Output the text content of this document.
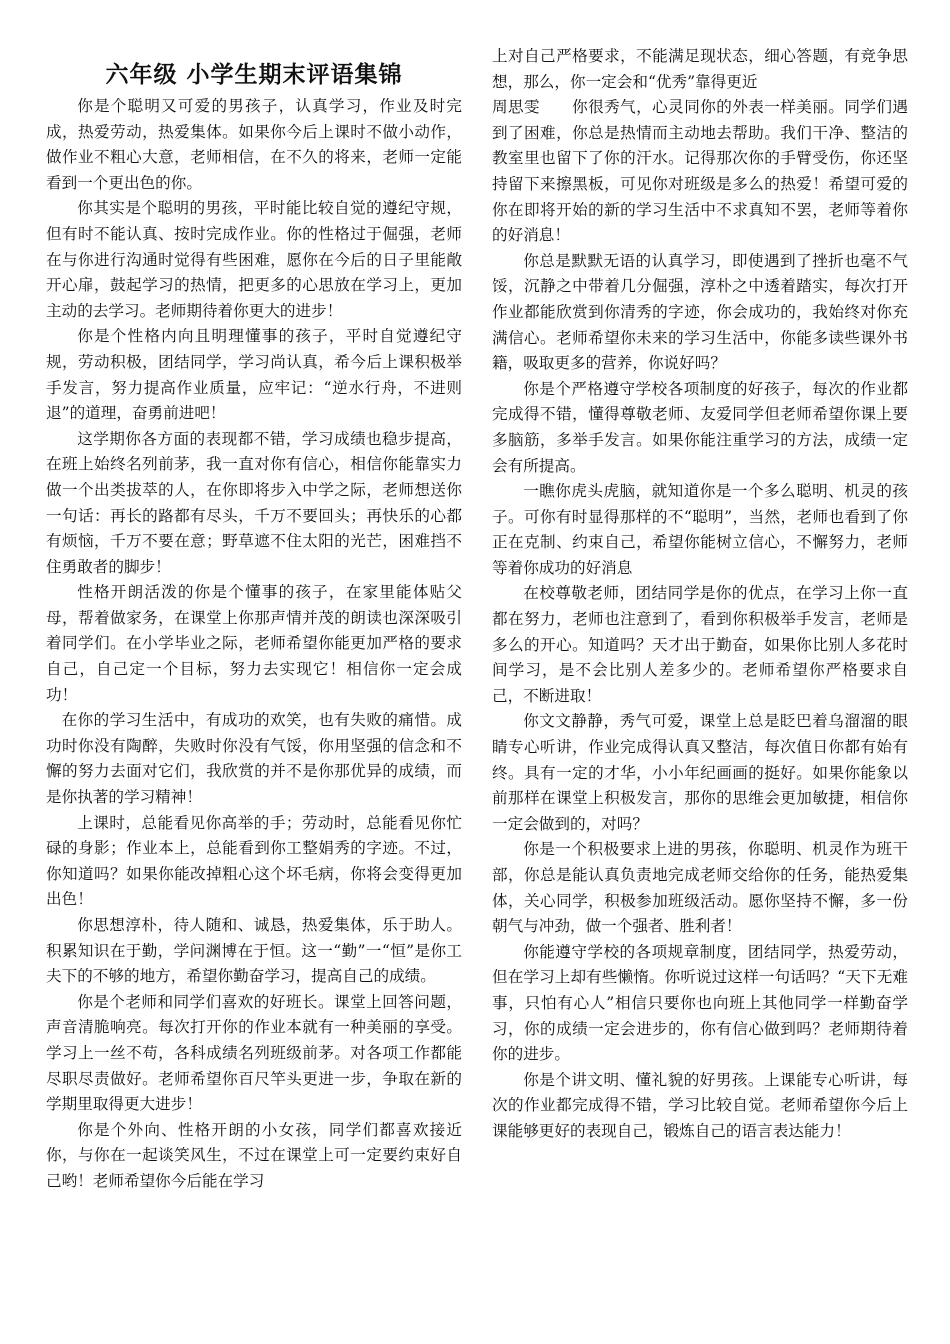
六年级 小学生期末评语集锦

你是个聪明又可爱的男孩子，认真学习，作业及时完成，热爱劳动，热爱集体。如果你今后上课时不做小动作，做作业不粗心大意，老师相信，在不久的将来，老师一定能看到一个更出色的你。

你其实是个聪明的男孩，平时能比较自觉的遵纪守规，但有时不能认真、按时完成作业。你的性格过于倔强，老师在与你进行沟通时觉得有些困难，愿你在今后的日子里能敞开心扉，鼓起学习的热情，把更多的心思放在学习上，更加主动的去学习。老师期待着你更大的进步！

你是个性格内向且明理懂事的孩子，平时自觉遵纪守规，劳动积极，团结同学，学习尚认真，希今后上课积极举手发言，努力提高作业质量，应牢记：“逆水行舟，不进则退”的道理，奋勇前进吧！

这学期你各方面的表现都不错，学习成绩也稳步提高，在班上始终名列前茅，我一直对你有信心，相信你能靠实力做一个出类拔萃的人，在你即将步入中学之际，老师想送你一句话：再长的路都有尽头，千万不要回头；再快乐的心都有烦恼，千万不要在意；野草遮不住太阳的光芒，困难挡不住勇敢者的脚步！

性格开朗活泼的你是个懂事的孩子，在家里能体贴父母，帮着做家务，在课堂上你那声情并茂的朗读也深深吸引着同学们。在小学毕业之际，老师希望你能更加严格的要求自己，自己定一个目标，努力去实现它！相信你一定会成功！

在你的学习生活中，有成功的欢笑，也有失败的痛惜。成功时你没有陶醉，失败时你没有气馁，你用坚强的信念和不懈的努力去面对它们，我欣赏的并不是你那优异的成绩，而是你执著的学习精神！

上课时，总能看见你高举的手；劳动时，总能看见你忙碌的身影；作业本上，总能看到你工整娟秀的字迹。不过，你知道吗？如果你能改掉粗心这个坏毛病，你将会变得更加出色！

你思想淳朴，待人随和、诚恳，热爱集体，乐于助人。积累知识在于勤，学问渊博在于恒。这一“勤”一“恒”是你工夫下的不够的地方，希望你勤奋学习，提高自己的成绩。

你是个老师和同学们喜欢的好班长。课堂上回答问题，声音清脆响亮。每次打开你的作业本就有一种美丽的享受。学习上一丝不苟，各科成绩名列班级前茅。对各项工作都能尽职尽责做好。老师希望你百尺竿头更进一步，争取在新的学期里取得更大进步！

你是个外向、性格开朗的小女孩，同学们都喜欢接近你，与你在一起谈笑风生，不过在课堂上可一定要约束好自己哟！老师希望你今后能在学习

上对自己严格要求，不能满足现状态，细心答题，有竞争思想，那么，你一定会和“优秀”靠得更近

周思雯　　你很秀气，心灵同你的外表一样美丽。同学们遇到了困难，你总是热情而主动地去帮助。我们干净、整洁的教室里也留下了你的汗水。记得那次你的手臂受伤，你还坚持留下来擦黑板，可见你对班级是多么的热爱！希望可爱的你在即将开始的新的学习生活中不求真知不罢，老师等着你的好消息！

你总是默默无语的认真学习，即使遇到了挫折也毫不气馁，沉静之中带着几分倔强，淳朴之中透着踏实，每次打开作业都能欣赏到你清秀的字迹，你会成功的，我始终对你充满信心。老师希望你未来的学习生活中，你能多读些课外书籍，吸取更多的营养，你说好吗？

你是个严格遵守学校各项制度的好孩子，每次的作业都完成得不错，懂得尊敬老师、友爱同学但老师希望你课上要多脑筋，多举手发言。如果你能注重学习的方法，成绩一定会有所提高。

一瞧你虎头虎脑，就知道你是一个多么聪明、机灵的孩子。可你有时显得那样的不“聪明”，当然，老师也看到了你正在克制、约束自己，希望你能树立信心，不懈努力，老师等着你成功的好消息

在校尊敬老师，团结同学是你的优点，在学习上你一直都在努力，老师也注意到了，看到你积极举手发言，老师是多么的开心。知道吗？天才出于勤奋，如果你比别人多花时间学习，是不会比别人差多少的。老师希望你严格要求自己，不断进取！

你文文静静，秀气可爱，课堂上总是眨巴着乌溜溜的眼睛专心听讲，作业完成得认真又整洁，每次值日你都有始有终。具有一定的才华，小小年纪画画的挺好。如果你能象以前那样在课堂上积极发言，那你的思维会更加敏捷，相信你一定会做到的，对吗？

你是一个积极要求上进的男孩，你聪明、机灵作为班干部，你总是能认真负责地完成老师交给你的任务，能热爱集体，关心同学，积极参加班级活动。愿你坚持不懈，多一份朝气与冲劲，做一个强者、胜利者！

你能遵守学校的各项规章制度，团结同学，热爱劳动，但在学习上却有些懒惰。你听说过这样一句话吗？“天下无难事，只怕有心人”相信只要你也向班上其他同学一样勤奋学习，你的成绩一定会进步的，你有信心做到吗？老师期待着你的进步。

你是个讲文明、懂礼貌的好男孩。上课能专心听讲，每次的作业都完成得不错，学习比较自觉。老师希望你今后上课能够更好的表现自己，锻炼自己的语言表达能力！
